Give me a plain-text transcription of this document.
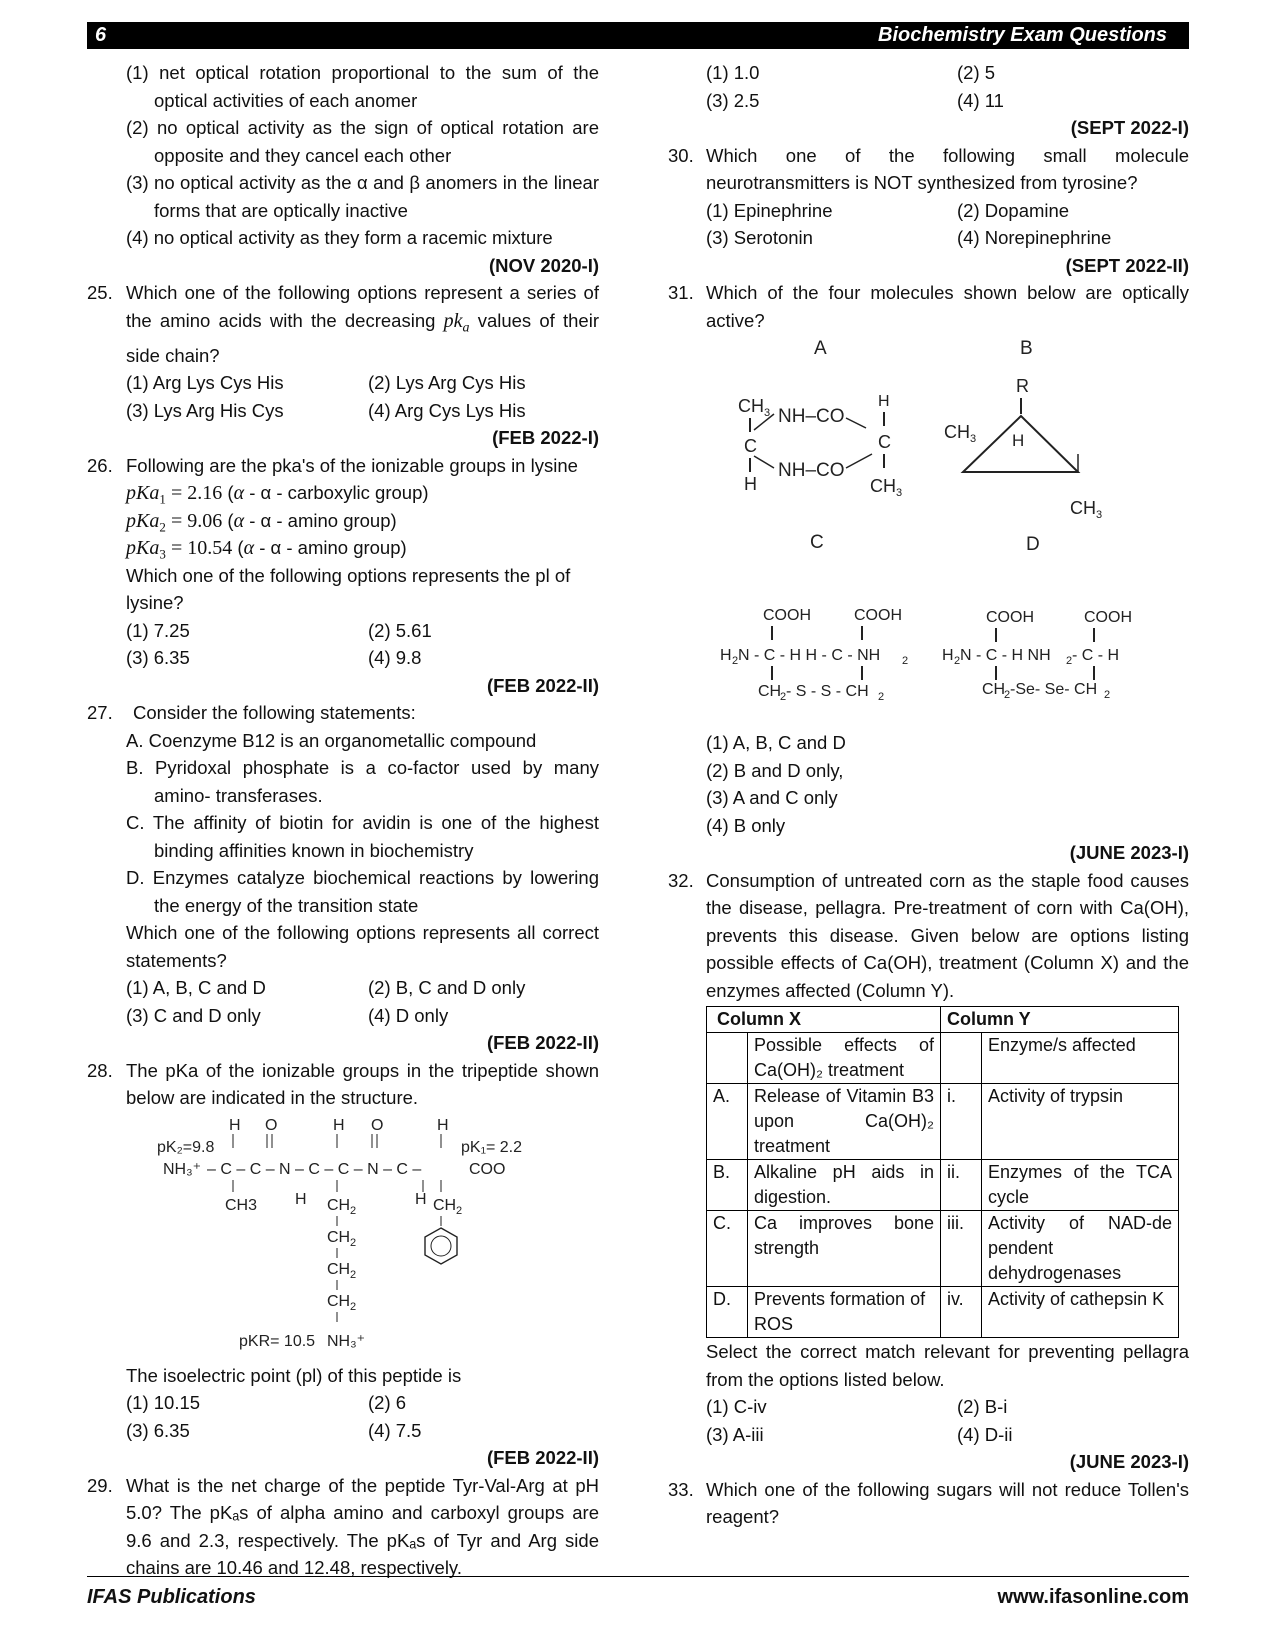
6	Biochemistry Exam Questions
(1) net optical rotation proportional to the sum of the optical activities of each anomer
(2) no optical activity as the sign of optical rotation are opposite and they cancel each other
(3) no optical activity as the α and β anomers in the linear forms that are optically inactive
(4) no optical activity as they form a racemic mixture
(NOV 2020-I)
25. Which one of the following options represent a series of the amino acids with the decreasing $pk_a$ values of their side chain?
(1) Arg Lys Cys His	(2) Lys Arg Cys His
(3) Lys Arg His Cys	(4) Arg Cys Lys His
(FEB 2022-I)
26. Following are the pka's of the ionizable groups in lysine
pKa$_1$ = 2.16 (α - α - carboxylic group)
pKa$_2$ = 9.06 (α - α - amino group)
pKa$_3$ = 10.54 (α - α - amino group)
Which one of the following options represents the pl of lysine?
(1) 7.25	(2) 5.61
(3) 6.35	(4) 9.8
(FEB 2022-II)
27.	Consider the following statements:
A. Coenzyme B12 is an organometallic compound
B. Pyridoxal phosphate is a co-factor used by many amino- transferases.
C. The affinity of biotin for avidin is one of the highest binding affinities known in biochemistry
D. Enzymes catalyze biochemical reactions by lowering the energy of the transition state
Which one of the following options represents all correct statements?
(1) A, B, C and D	(2) B, C and D only
(3) C and D only	(4) D only
(FEB 2022-II)
28. The pKa of the ionizable groups in the tripeptide shown below are indicated in the structure.
H O	H O	H
pK₂=9.8	pK₁= 2.2
NH₃⁺ – C – C – N – C – C – N – C –	COO
CH3 H CH 2
H CH 2
CH 2
CH 2
CH 2
pKR= 10.5 NH₃⁺
The isoelectric point (pl) of this peptide is
(1) 10.15	(2) 6
(3) 6.35	(4) 7.5
(FEB 2022-II)
29. What is the net charge of the peptide Tyr-Val-Arg at pH 5.0? The pKₐs of alpha amino and carboxyl groups are 9.6 and 2.3, respectively. The pKₐs of Tyr and Arg side chains are 10.46 and 12.48, respectively.
(1) 1.0	(2) 5
(3) 2.5	(4) 11
(SEPT 2022-I)
30. Which one of the following small molecule neurotransmitters is NOT synthesized from tyrosine?
(1) Epinephrine	(2) Dopamine
(3) Serotonin	(4) Norepinephrine
(SEPT 2022-II)
31. Which of the four molecules shown below are optically active?
A	B
CH 3 NH–CO
H
C	C
NH–CO
H	CH 3
R
CH 3 H
CH 3
C	D
COOH	COOH
H 2 N - C - H H - C - NH 2
CH
2 - S - S - CH 2
COOH	COOH
H 2 N - C - H NH 2 - C - H
CH
2 -Se- Se- CH 2
(1) A, B, C and D
(2) B and D only,
(3) A and C only
(4) B only
(JUNE 2023-I)
32. Consumption of untreated corn as the staple food causes the disease, pellagra. Pre-treatment of corn with Ca(OH), prevents this disease. Given below are options listing possible effects of Ca(OH), treatment (Column X) and the enzymes affected (Column Y).
Column X		Column Y	
	Possible effects of Ca(OH)₂ treatment		Enzyme/s affected
A.	Release of Vitamin B3 upon Ca(OH)₂ treatment	i.	Activity of trypsin
B.	Alkaline pH aids in digestion.	ii.	Enzymes of the TCA cycle
C.	Ca improves bone strength	iii.	Activity of NAD-de pendent dehydrogenases
D.	Prevents formation of ROS	iv.	Activity of cathepsin K
Select the correct match relevant for preventing pellagra from the options listed below.
(1) C-iv	(2) B-i
(3) A-iii	(4) D-ii
(JUNE 2023-I)
33. Which one of the following sugars will not reduce Tollen's reagent?
IFAS Publications	www.ifasonline.com
